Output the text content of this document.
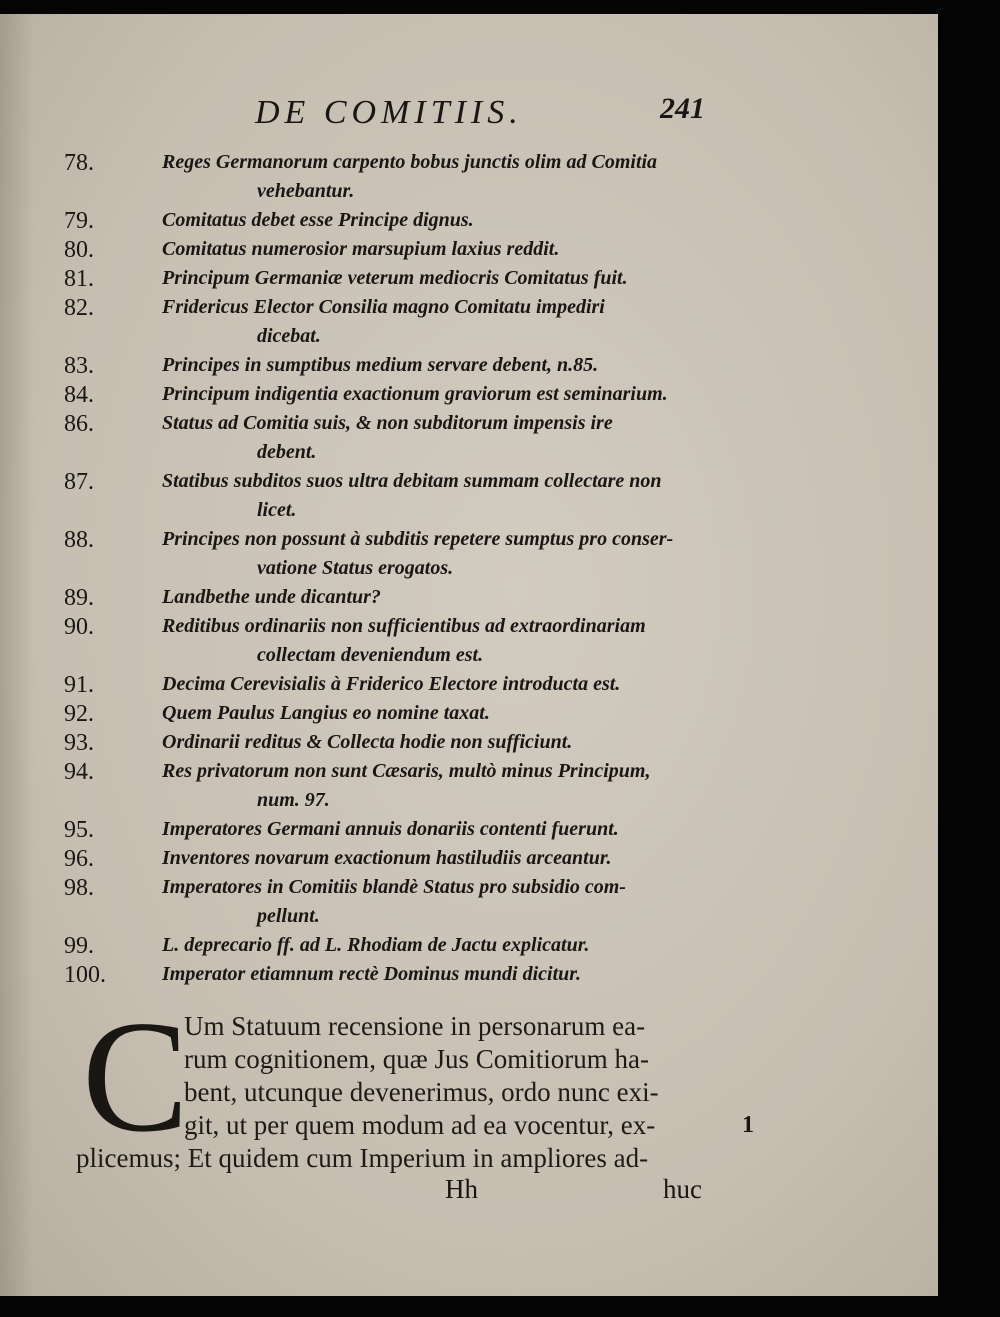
DE COMITIIS.	241
78.	Reges Germanorum carpento bobus junctis olim ad Comitia
vehebantur.
79.	Comitatus debet esse Principe dignus.
80.	Comitatus numerosior marsupium laxius reddit.
81.	Principum Germaniæ veterum mediocris Comitatus fuit.
82.	Fridericus Elector Consilia magno Comitatu impediri
dicebat.
83.	Principes in sumptibus medium servare debent, n.85.
84.	Principum indigentia exactionum graviorum est seminarium.
86.	Status ad Comitia suis, & non subditorum impensis ire
debent.
87.	Statibus subditos suos ultra debitam summam collectare non
licet.
88.	Principes non possunt à subditis repetere sumptus pro conser-
vatione Status erogatos.
89.	Landbethe unde dicantur?
90.	Reditibus ordinariis non sufficientibus ad extraordinariam
collectam deveniendum est.
91.	Decima Cerevisialis à Friderico Electore introducta est.
92.	Quem Paulus Langius eo nomine taxat.
93.	Ordinarii reditus & Collecta hodie non sufficiunt.
94.	Res privatorum non sunt Cæsaris, multò minus Principum,
num. 97.
95.	Imperatores Germani annuis donariis contenti fuerunt.
96.	Inventores novarum exactionum hastiludiis arceantur.
98.	Imperatores in Comitiis blandè Status pro subsidio com-
pellunt.
99.	L. deprecario ff. ad L. Rhodiam de Jactu explicatur.
100.	Imperator etiamnum rectè Dominus mundi dicitur.
C
Um Statuum recensione in personarum ea-
rum cognitionem, quæ Jus Comitiorum ha-
bent, utcunque devenerimus, ordo nunc exi-
git, ut per quem modum ad ea vocentur, ex-
plicemus; Et quidem cum Imperium in ampliores ad-
Hh	huc
1
